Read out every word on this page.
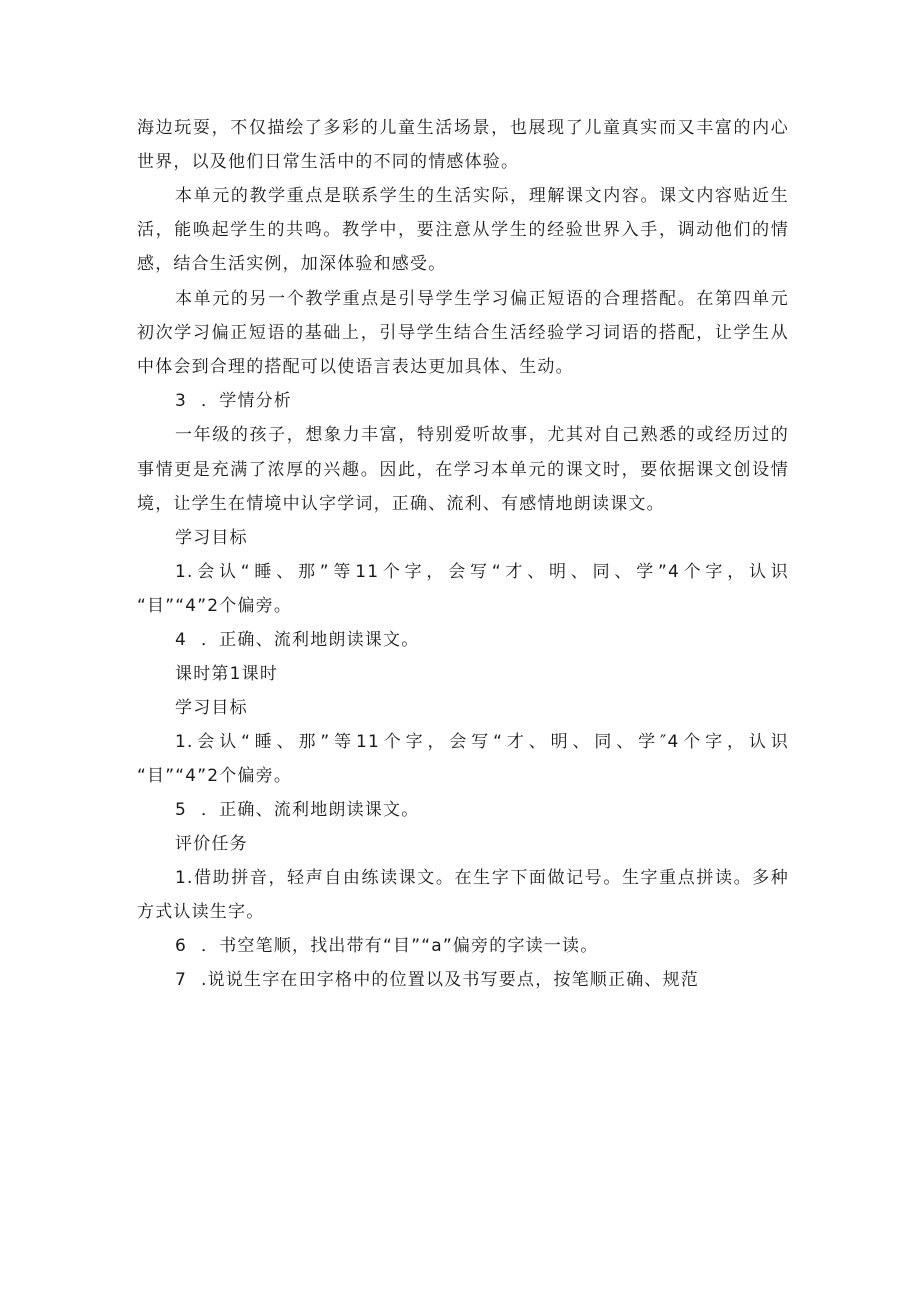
海边玩耍，不仅描绘了多彩的儿童生活场景，也展现了儿童真实而又丰富的内心
世界，以及他们日常生活中的不同的情感体验。
本单元的教学重点是联系学生的生活实际，理解课文内容。课文内容贴近生
活，能唤起学生的共鸣。教学中，要注意从学生的经验世界入手，调动他们的情
感，结合生活实例，加深体验和感受。
本单元的另一个教学重点是引导学生学习偏正短语的合理搭配。在第四单元
初次学习偏正短语的基础上，引导学生结合生活经验学习词语的搭配，让学生从
中体会到合理的搭配可以使语言表达更加具体、生动。
3 ．学情分析
一年级的孩子，想象力丰富，特别爱听故事，尤其对自己熟悉的或经历过的
事情更是充满了浓厚的兴趣。因此，在学习本单元的课文时，要依据课文创设情
境，让学生在情境中认字学词，正确、流利、有感情地朗读课文。
学习目标
1.会认“睡、那”等11个字，会写“才、明、同、学”4个字，认识
“目”“4”2个偏旁。
4 ．正确、流利地朗读课文。
课时第1课时
学习目标
1.会认“睡、那”等11个字，会写“才、明、同、学″4个字，认识
“目”“4”2个偏旁。
5 ．正确、流利地朗读课文。
评价任务
1.借助拼音，轻声自由练读课文。在生字下面做记号。生字重点拼读。多种
方式认读生字。
6 ．书空笔顺，找出带有“目”“a”偏旁的字读一读。
7 .说说生字在田字格中的位置以及书写要点，按笔顺正确、规范
